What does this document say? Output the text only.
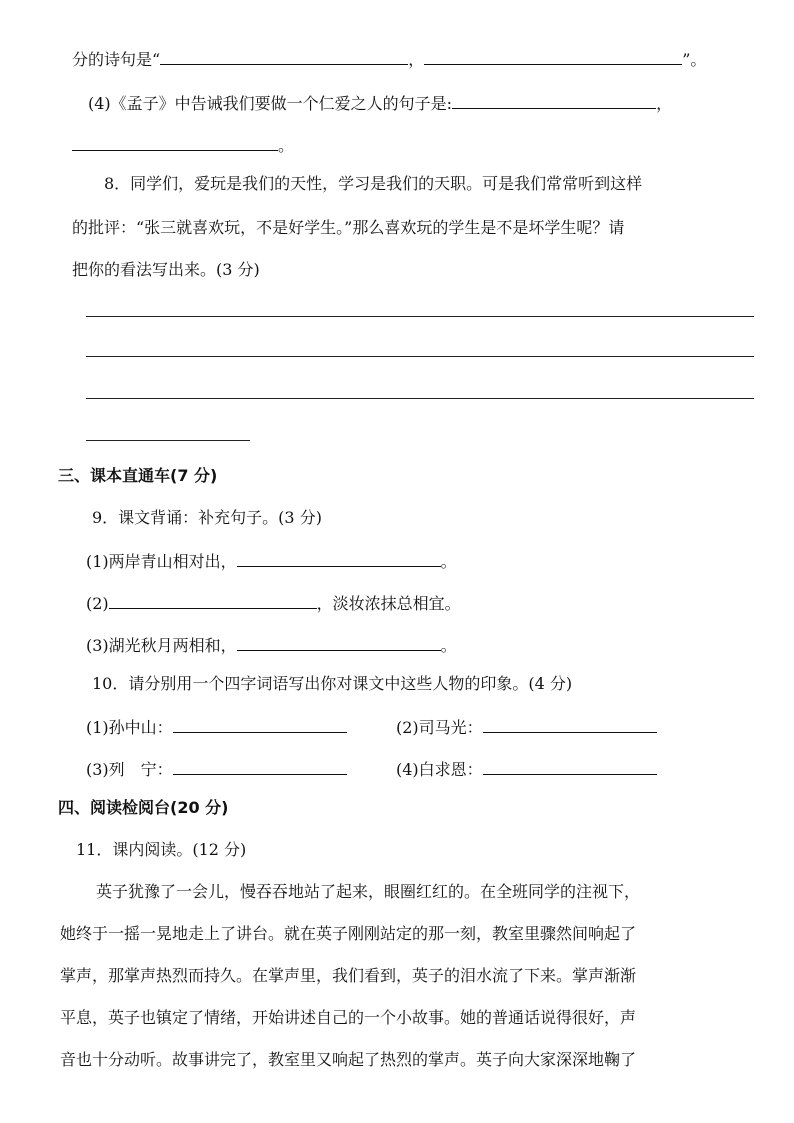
分的诗句是“	，	”。
(4)《孟子》中告诫我们要做一个仁爱之人的句子是:	，
。
8．同学们，爱玩是我们的天性，学习是我们的天职。可是我们常常听到这样
的批评：“张三就喜欢玩，不是好学生。”那么喜欢玩的学生是不是坏学生呢？请
把你的看法写出来。(3 分)
三、课本直通车(7 分)
9．课文背诵：补充句子。(3 分)
(1)两岸青山相对出，	。
(2)	，淡妆浓抹总相宜。
(3)湖光秋月两相和，	。
10．请分别用一个四字词语写出你对课文中这些人物的印象。(4 分)
(1)孙中山：	(2)司马光：
(3)列　宁：	(4)白求恩：
四、阅读检阅台(20 分)
11．课内阅读。(12 分)
英子犹豫了一会儿，慢吞吞地站了起来，眼圈红红的。在全班同学的注视下，
她终于一摇一晃地走上了讲台。就在英子刚刚站定的那一刻，教室里骤然间响起了
掌声，那掌声热烈而持久。在掌声里，我们看到，英子的泪水流了下来。掌声渐渐
平息，英子也镇定了情绪，开始讲述自己的一个小故事。她的普通话说得很好，声
音也十分动听。故事讲完了，教室里又响起了热烈的掌声。英子向大家深深地鞠了
